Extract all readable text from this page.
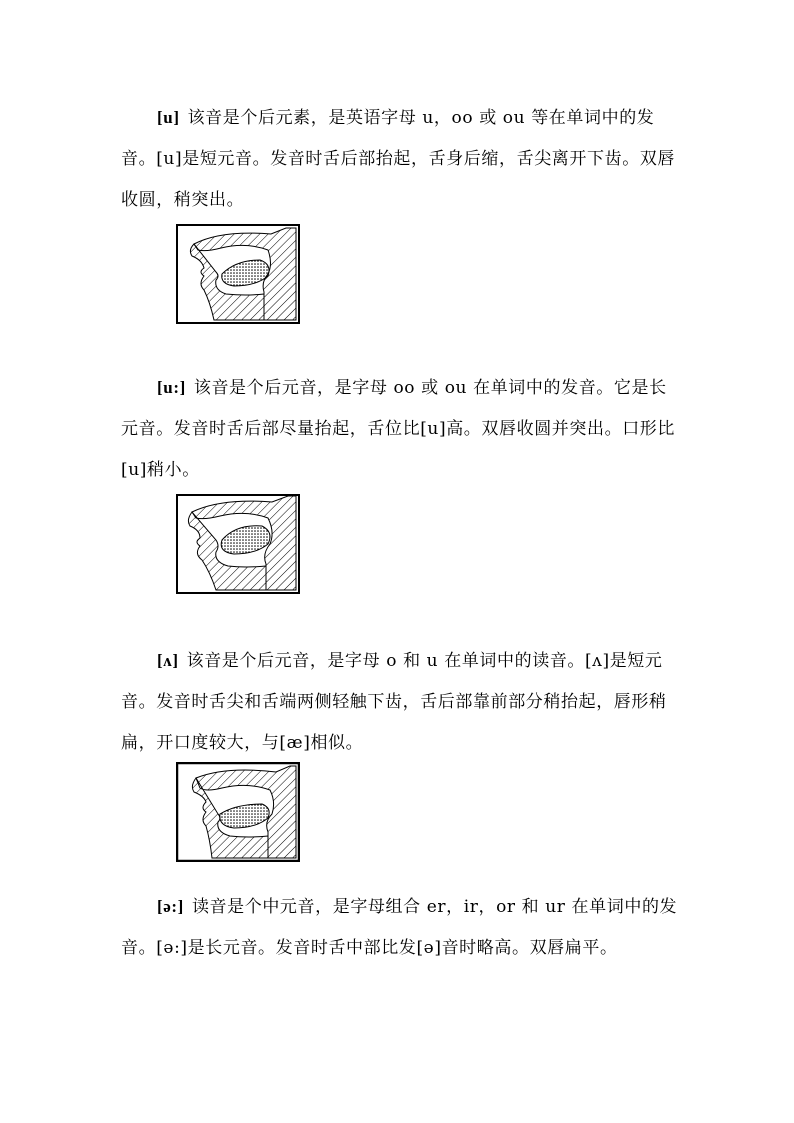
[u] 该音是个后元素，是英语字母 u，oo 或 ou 等在单词中的发音。[u]是短元音。发音时舌后部抬起，舌身后缩，舌尖离开下齿。双唇收圆，稍突出。

[u:] 该音是个后元音，是字母 oo 或 ou 在单词中的发音。它是长元音。发音时舌后部尽量抬起，舌位比[u]高。双唇收圆并突出。口形比[u]稍小。

[ʌ] 该音是个后元音，是字母 o 和 u 在单词中的读音。[ʌ]是短元音。发音时舌尖和舌端两侧轻触下齿，舌后部靠前部分稍抬起，唇形稍扁，开口度较大，与[æ]相似。

[ə:] 读音是个中元音，是字母组合 er，ir，or 和 ur 在单词中的发音。[ə:]是长元音。发音时舌中部比发[ə]音时略高。双唇扁平。
